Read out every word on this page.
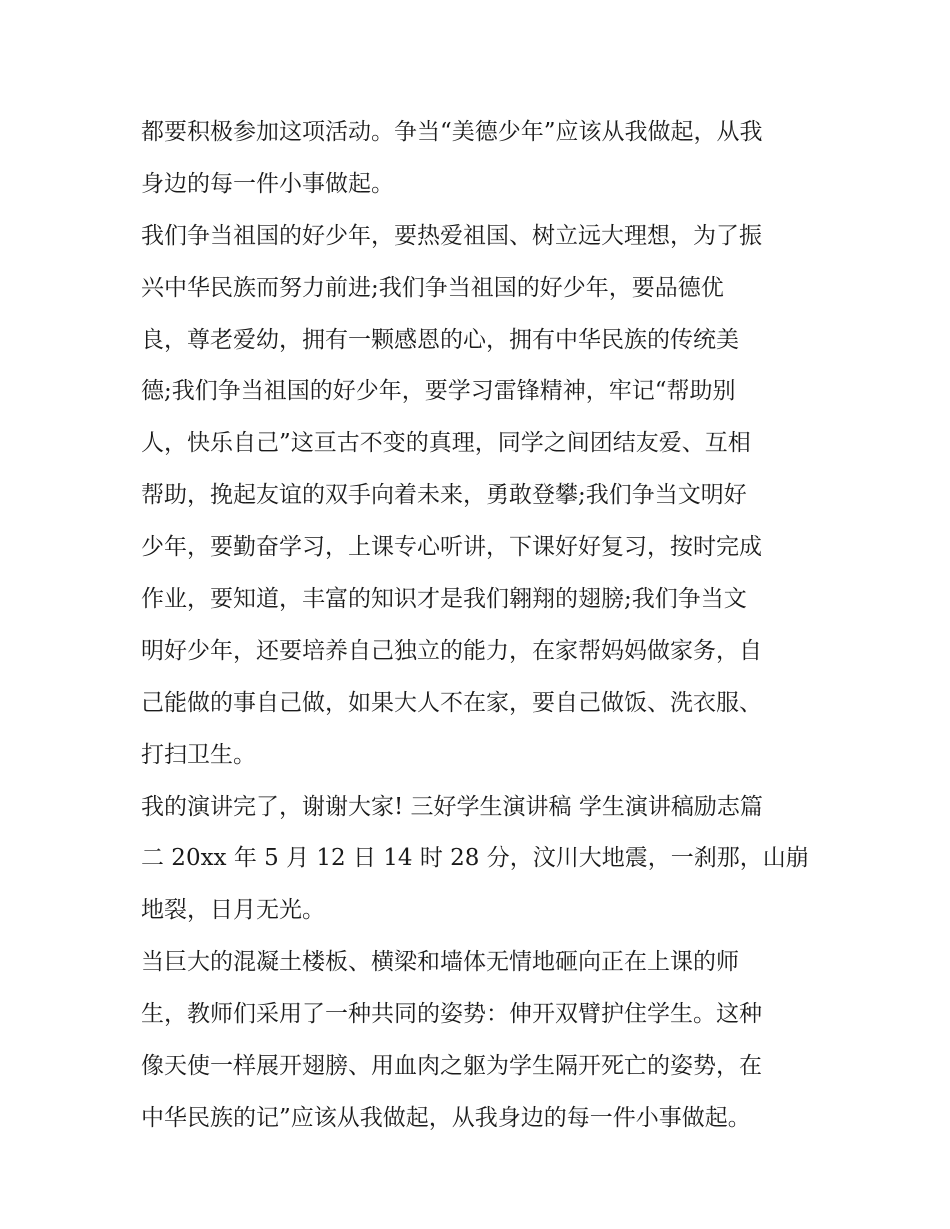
都要积极参加这项活动。争当“美德少年”应该从我做起，从我
身边的每一件小事做起。
我们争当祖国的好少年，要热爱祖国、树立远大理想，为了振
兴中华民族而努力前进;我们争当祖国的好少年，要品德优
良，尊老爱幼，拥有一颗感恩的心，拥有中华民族的传统美
德;我们争当祖国的好少年，要学习雷锋精神，牢记“帮助别
人，快乐自己”这亘古不变的真理，同学之间团结友爱、互相
帮助，挽起友谊的双手向着未来，勇敢登攀;我们争当文明好
少年，要勤奋学习，上课专心听讲，下课好好复习，按时完成
作业，要知道，丰富的知识才是我们翱翔的翅膀;我们争当文
明好少年，还要培养自己独立的能力，在家帮妈妈做家务，自
己能做的事自己做，如果大人不在家，要自己做饭、洗衣服、
打扫卫生。
我的演讲完了，谢谢大家! 三好学生演讲稿 学生演讲稿励志篇
二 20xx 年 5 月 12 日 14 时 28 分，汶川大地震，一刹那，山崩
地裂，日月无光。
当巨大的混凝土楼板、横梁和墙体无情地砸向正在上课的师
生，教师们采用了一种共同的姿势：伸开双臂护住学生。这种
像天使一样展开翅膀、用血肉之躯为学生隔开死亡的姿势，在
中华民族的记”应该从我做起，从我身边的每一件小事做起。
